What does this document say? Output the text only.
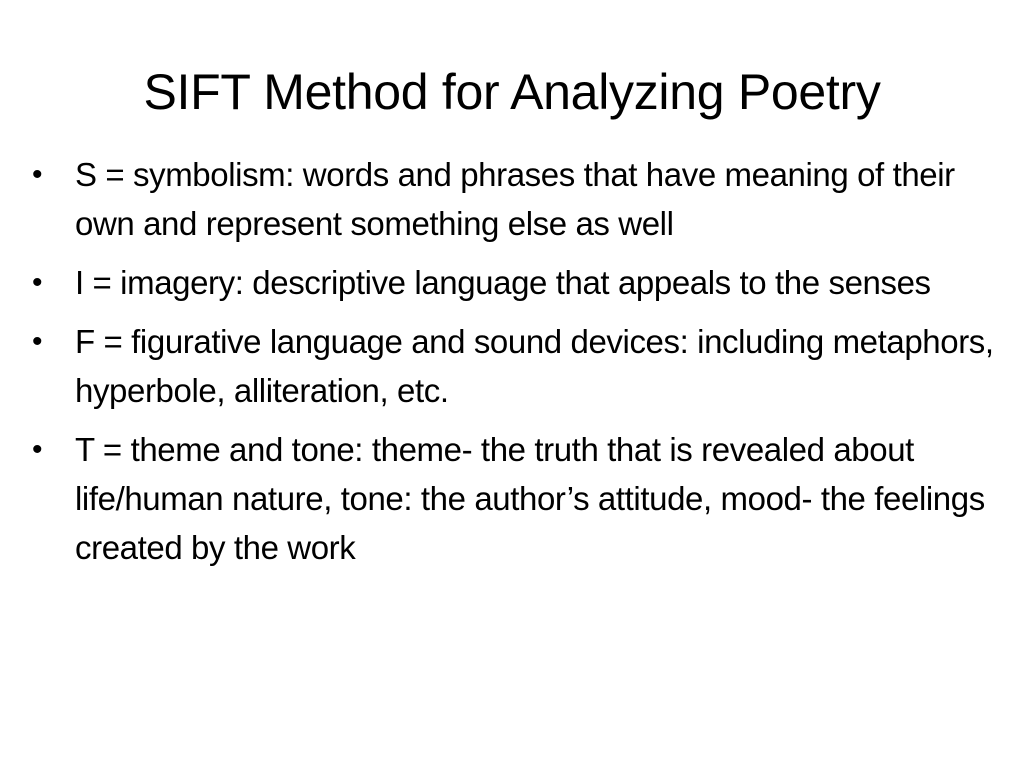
SIFT Method for Analyzing Poetry
• S = symbolism: words and phrases that have meaning of their own and represent something else as well
• I = imagery: descriptive language that appeals to the senses
• F = figurative language and sound devices: including metaphors, hyperbole, alliteration, etc.
• T = theme and tone: theme- the truth that is revealed about life/human nature, tone: the author’s attitude, mood- the feelings created by the work
